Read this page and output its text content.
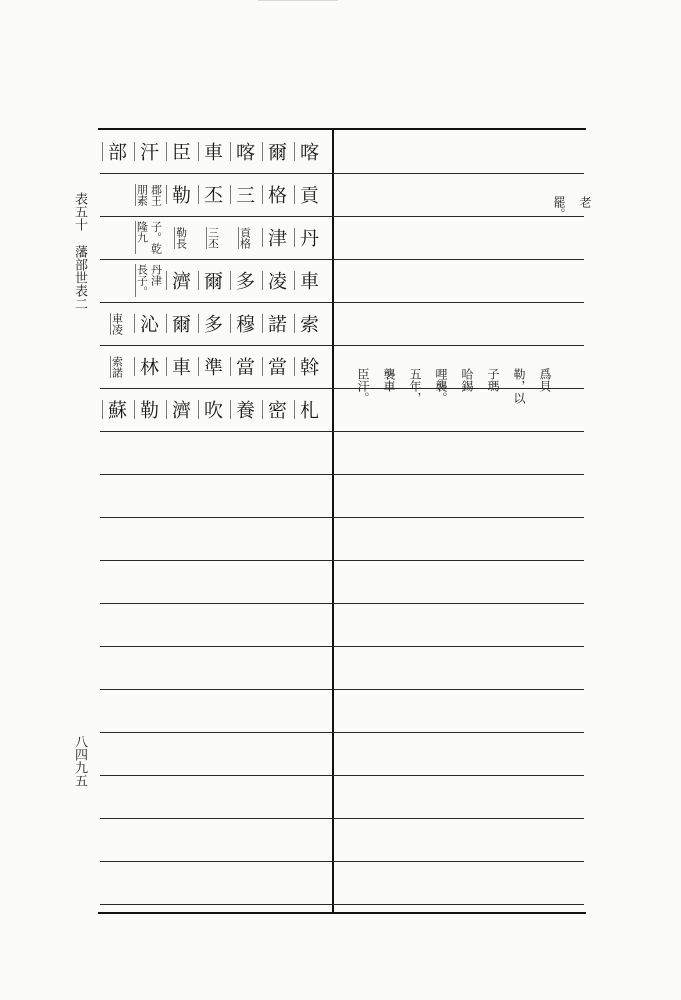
表五十
藩部世表二
八四九五
部 汗 臣 車 喀 爾 喀
郡王
朋素 勒 丕 三 格 貢
子。乾
隆九 勒長 三丕 貢格 津 丹
丹津
長子。 濟 爾 多 凌 車
車凌 沁 爾 多 穆 諾 索
索諾 林 車 準 當 當 斡
蘇 勒 濟 吹 養 密 札
老
罷。
爲貝
勒，以
子瑪
哈錫
哩襲。
五年，
襲車
臣汗。
